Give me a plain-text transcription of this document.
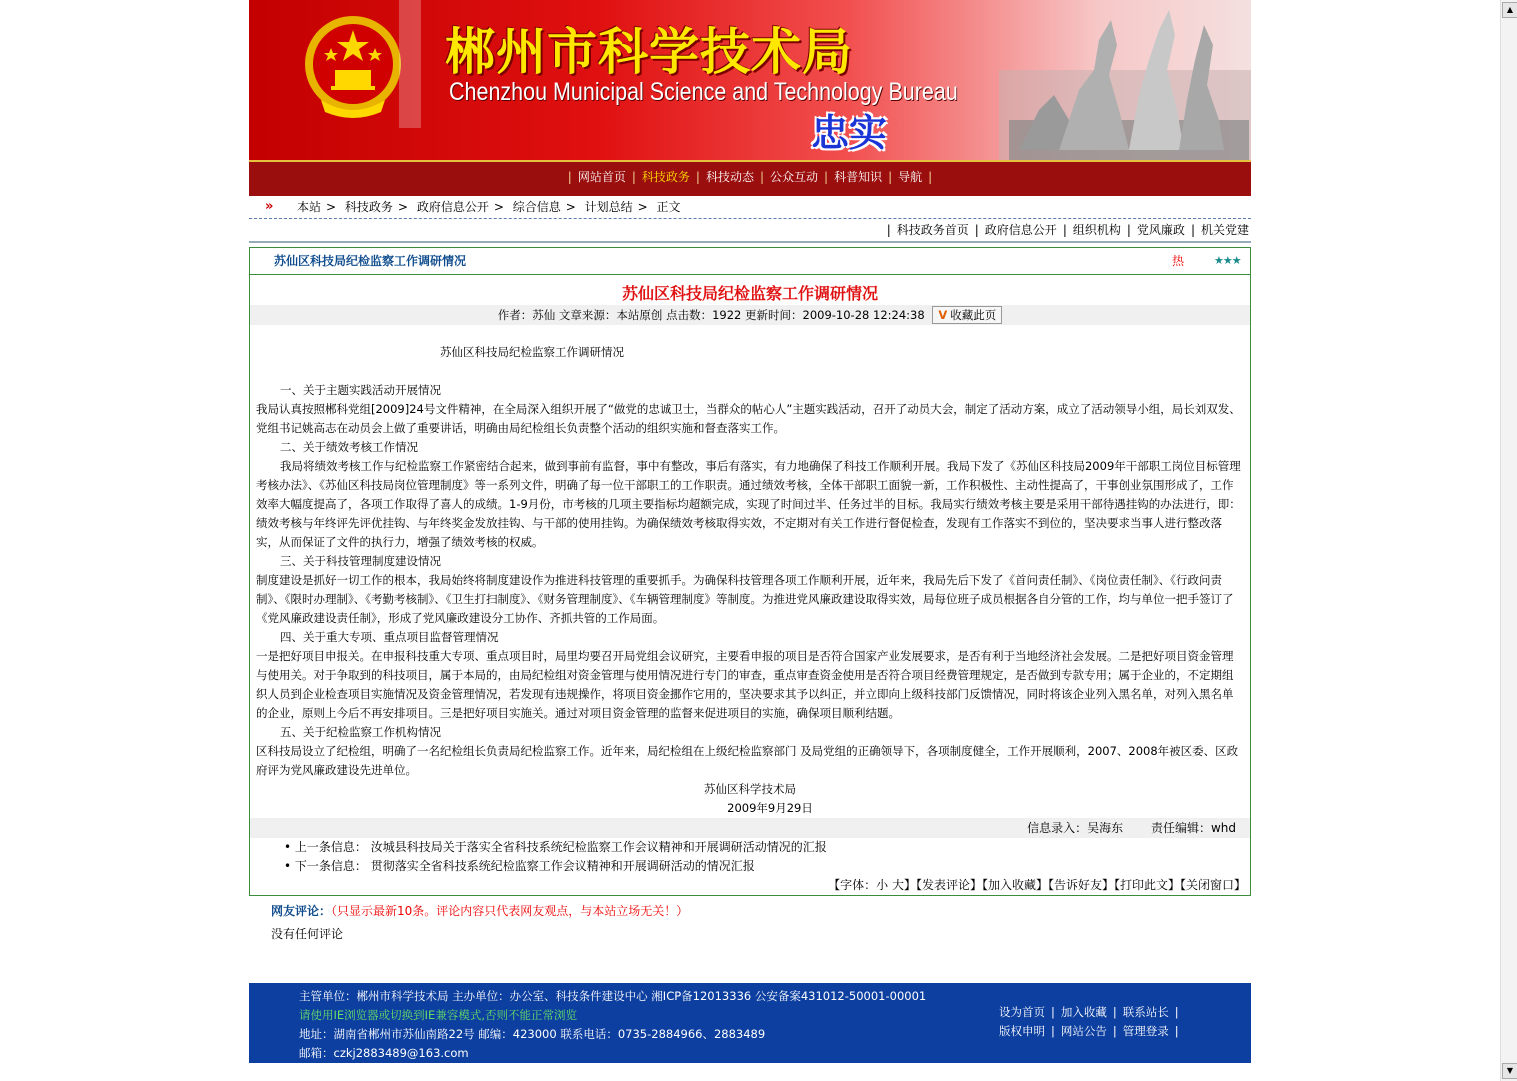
郴州市科学技术局
Chenzhou Municipal Science and Technology Bureau
忠实
| 网站首页 | 科技政务 | 科技动态 | 公众互动 | 科普知识 | 导航 |
» 本站 > 科技政务 > 政府信息公开 > 综合信息 > 计划总结 > 正文
| 科技政务首页 | 政府信息公开 | 组织机构 | 党风廉政 | 机关党建
苏仙区科技局纪检监察工作调研情况	热	★★★
苏仙区科技局纪检监察工作调研情况
作者：苏仙 文章来源：本站原创 点击数：1922 更新时间：2009-10-28 12:24:38 V 收藏此页

苏仙区科技局纪检监察工作调研情况

一、关于主题实践活动开展情况

我局认真按照郴科党组[2009]24号文件精神，在全局深入组织开展了“做党的忠诚卫士，当群众的帖心人”主题实践活动，召开了动员大会，制定了活动方案，成立了活动领导小组，局长刘双发、党组书记姚高志在动员会上做了重要讲话，明确由局纪检组长负责整个活动的组织实施和督查落实工作。

二、关于绩效考核工作情况

我局将绩效考核工作与纪检监察工作紧密结合起来，做到事前有监督，事中有整改，事后有落实，有力地确保了科技工作顺利开展。我局下发了《苏仙区科技局2009年干部职工岗位目标管理考核办法》、《苏仙区科技局岗位管理制度》等一系列文件，明确了每一位干部职工的工作职责。通过绩效考核，全体干部职工面貌一新，工作积极性、主动性提高了，干事创业氛围形成了，工作效率大幅度提高了，各项工作取得了喜人的成绩。1-9月份，市考核的几项主要指标均超额完成，实现了时间过半、任务过半的目标。我局实行绩效考核主要是采用干部待遇挂钩的办法进行，即：绩效考核与年终评先评优挂钩、与年终奖金发放挂钩、与干部的使用挂钩。为确保绩效考核取得实效，不定期对有关工作进行督促检查，发现有工作落实不到位的，坚决要求当事人进行整改落实，从而保证了文件的执行力，增强了绩效考核的权威。

三、关于科技管理制度建设情况

制度建设是抓好一切工作的根本，我局始终将制度建设作为推进科技管理的重要抓手。为确保科技管理各项工作顺利开展，近年来，我局先后下发了《首问责任制》、《岗位责任制》、《行政问责制》、《限时办理制》、《考勤考核制》、《卫生打扫制度》、《财务管理制度》、《车辆管理制度》等制度。为推进党风廉政建设取得实效，局每位班子成员根据各自分管的工作，均与单位一把手签订了《党风廉政建设责任制》，形成了党风廉政建设分工协作、齐抓共管的工作局面。

四、关于重大专项、重点项目监督管理情况

一是把好项目申报关。在申报科技重大专项、重点项目时，局里均要召开局党组会议研究，主要看申报的项目是否符合国家产业发展要求，是否有利于当地经济社会发展。二是把好项目资金管理与使用关。对于争取到的科技项目，属于本局的，由局纪检组对资金管理与使用情况进行专门的审查，重点审查资金使用是否符合项目经费管理规定，是否做到专款专用；属于企业的，不定期组织人员到企业检查项目实施情况及资金管理情况，若发现有违规操作，将项目资金挪作它用的，坚决要求其予以纠正，并立即向上级科技部门反馈情况，同时将该企业列入黑名单，对列入黑名单的企业，原则上今后不再安排项目。三是把好项目实施关。通过对项目资金管理的监督来促进项目的实施，确保项目顺利结题。

五、关于纪检监察工作机构情况

区科技局设立了纪检组，明确了一名纪检组长负责局纪检监察工作。近年来，局纪检组在上级纪检监察部门 及局党组的正确领导下，各项制度健全，工作开展顺利，2007、2008年被区委、区政府评为党风廉政建设先进单位。

苏仙区科学技术局

2009年9月29日

信息录入：吴海东 责任编辑：whd
• 上一条信息： 汝城县科技局关于落实全省科技系统纪检监察工作会议精神和开展调研活动情况的汇报
• 下一条信息： 贯彻落实全省科技系统纪检监察工作会议精神和开展调研活动的情况汇报
【字体：小 大】【发表评论】【加入收藏】【告诉好友】【打印此文】【关闭窗口】
网友评论：（只显示最新10条。评论内容只代表网友观点，与本站立场无关！）
没有任何评论
主管单位：郴州市科学技术局 主办单位：办公室、科技条件建设中心 湘ICP备12013336 公安备案431012-50001-00001
请使用IE浏览器或切换到IE兼容模式,否则不能正常浏览
地址：湖南省郴州市苏仙南路22号 邮编：423000 联系电话：0735-2884966、2883489
邮箱：czkj2883489@163.com
设为首页 | 加入收藏 | 联系站长 |
版权申明 | 网站公告 | 管理登录 |
▲
▼
